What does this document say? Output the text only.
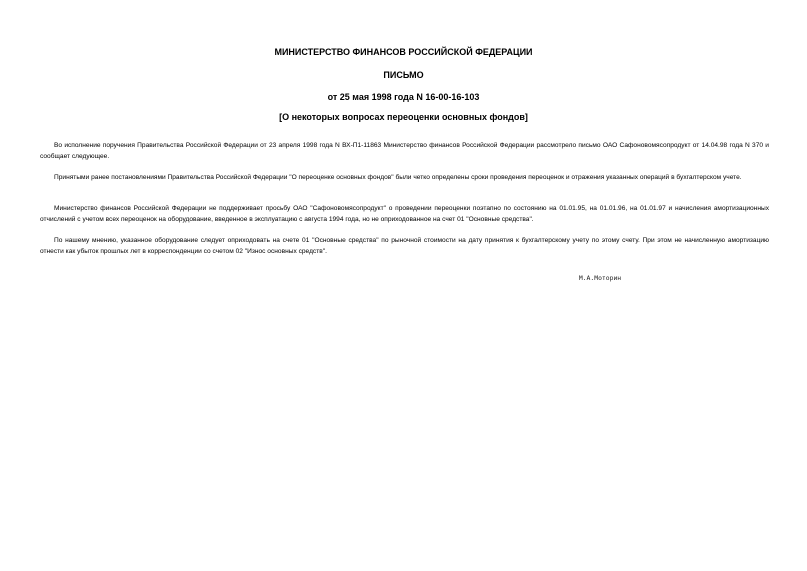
МИНИСТЕРСТВО ФИНАНСОВ РОССИЙСКОЙ ФЕДЕРАЦИИ
ПИСЬМО
от 25 мая 1998 года N 16-00-16-103
[О некоторых вопросах переоценки основных фондов]

Во исполнение поручения Правительства Российской Федерации от 23 апреля 1998 года N ВХ-П1-11863 Министерство финансов Российской Федерации рассмотрело письмо ОАО Сафоновомясопродукт от 14.04.98 года N 370 и сообщает следующее.

Принятыми ранее постановлениями Правительства Российской Федерации "О переоценке основных фондов" были четко определены сроки проведения переоценок и отражения указанных операций в бухгалтерском учете.

Министерство финансов Российской Федерации не поддерживает просьбу ОАО "Сафоновомясопродукт" о проведении переоценки поэтапно по состоянию на 01.01.95, на 01.01.96, на 01.01.97 и начисления амортизационных отчислений с учетом всех переоценок на оборудование, введенное в эксплуатацию с августа 1994 года, но не оприходованное на счет 01 "Основные средства".

По нашему мнению, указанное оборудование следует оприходовать на счете 01 "Основные средства" по рыночной стоимости на дату принятия к бухгалтерскому учету по этому счету. При этом не начисленную амортизацию отнести как убыток прошлых лет в корреспонденции со счетом 02 "Износ основных средств".

М.А.Моторин
